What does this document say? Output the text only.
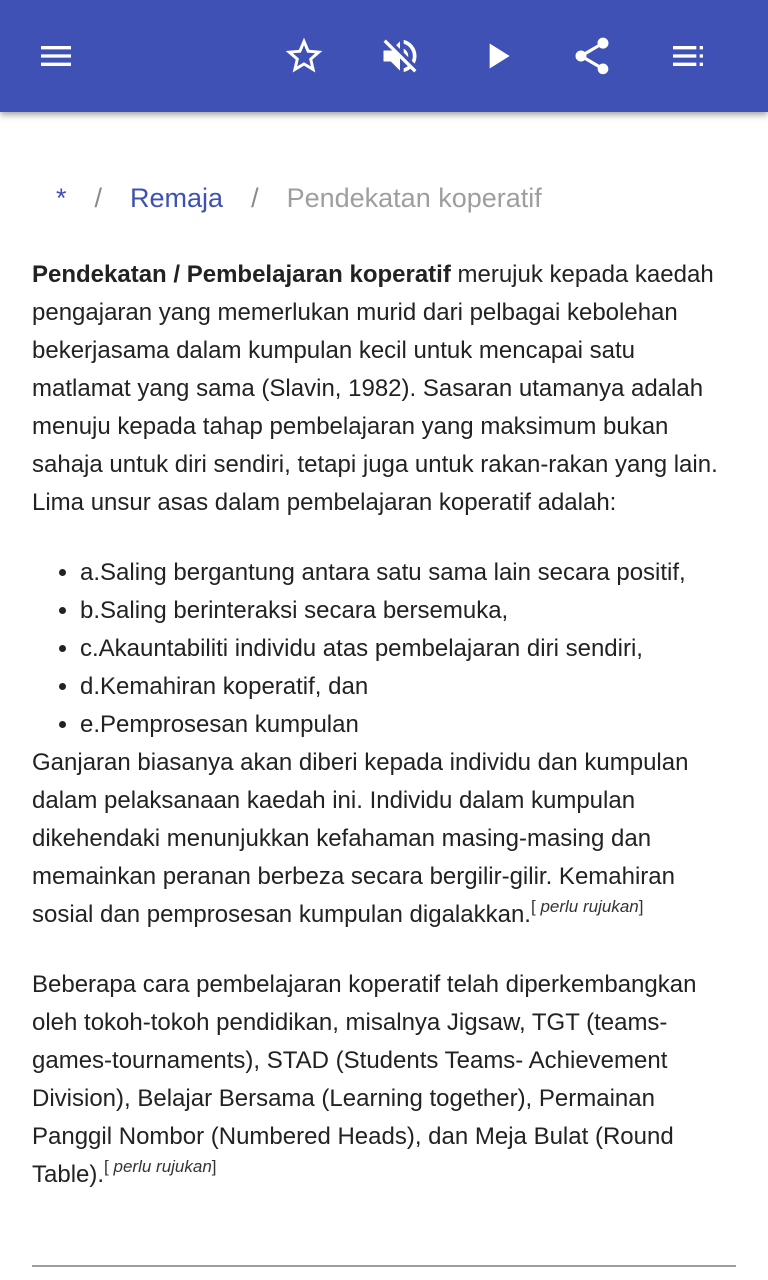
* / Remaja / Pendekatan koperatif

Pendekatan / Pembelajaran koperatif merujuk kepada kaedah pengajaran yang memerlukan murid dari pelbagai kebolehan bekerjasama dalam kumpulan kecil untuk mencapai satu matlamat yang sama (Slavin, 1982). Sasaran utamanya adalah menuju kepada tahap pembelajaran yang maksimum bukan sahaja untuk diri sendiri, tetapi juga untuk rakan-rakan yang lain. Lima unsur asas dalam pembelajaran koperatif adalah:

• a.Saling bergantung antara satu sama lain secara positif,
• b.Saling berinteraksi secara bersemuka,
• c.Akauntabiliti individu atas pembelajaran diri sendiri,
• d.Kemahiran koperatif, dan
• e.Pemprosesan kumpulan

Ganjaran biasanya akan diberi kepada individu dan kumpulan dalam pelaksanaan kaedah ini. Individu dalam kumpulan dikehendaki menunjukkan kefahaman masing-masing dan memainkan peranan berbeza secara bergilir-gilir. Kemahiran sosial dan pemprosesan kumpulan digalakkan.[ perlu rujukan]

Beberapa cara pembelajaran koperatif telah diperkembangkan oleh tokoh-tokoh pendidikan, misalnya Jigsaw, TGT (teams-games-tournaments), STAD (Students Teams- Achievement Division), Belajar Bersama (Learning together), Permainan Panggil Nombor (Numbered Heads), dan Meja Bulat (Round Table).[ perlu rujukan]
